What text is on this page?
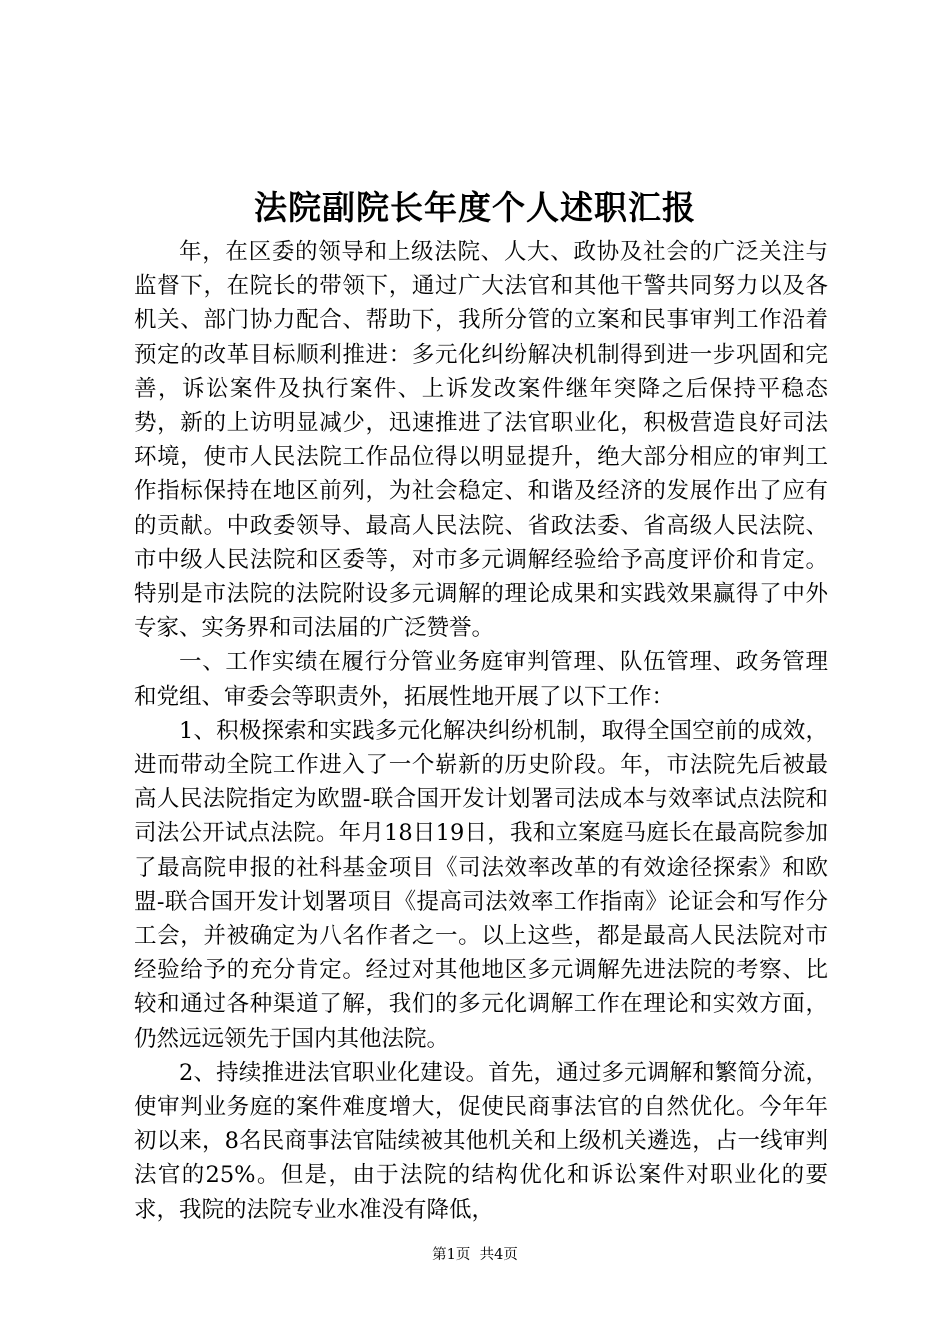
法院副院长年度个人述职汇报

年，在区委的领导和上级法院、人大、政协及社会的广泛关注与监督下，在院长的带领下，通过广大法官和其他干警共同努力以及各机关、部门协力配合、帮助下，我所分管的立案和民事审判工作沿着预定的改革目标顺利推进：多元化纠纷解决机制得到进一步巩固和完善，诉讼案件及执行案件、上诉发改案件继年突降之后保持平稳态势，新的上访明显减少，迅速推进了法官职业化，积极营造良好司法环境，使市人民法院工作品位得以明显提升，绝大部分相应的审判工作指标保持在地区前列，为社会稳定、和谐及经济的发展作出了应有的贡献。中政委领导、最高人民法院、省政法委、省高级人民法院、市中级人民法院和区委等，对市多元调解经验给予高度评价和肯定。特别是市法院的法院附设多元调解的理论成果和实践效果赢得了中外专家、实务界和司法届的广泛赞誉。

一、工作实绩在履行分管业务庭审判管理、队伍管理、政务管理和党组、审委会等职责外，拓展性地开展了以下工作：

1、积极探索和实践多元化解决纠纷机制，取得全国空前的成效，进而带动全院工作进入了一个崭新的历史阶段。年，市法院先后被最高人民法院指定为欧盟-联合国开发计划署司法成本与效率试点法院和司法公开试点法院。年月18日19日，我和立案庭马庭长在最高院参加了最高院申报的社科基金项目《司法效率改革的有效途径探索》和欧盟-联合国开发计划署项目《提高司法效率工作指南》论证会和写作分工会，并被确定为八名作者之一。以上这些，都是最高人民法院对市经验给予的充分肯定。经过对其他地区多元调解先进法院的考察、比较和通过各种渠道了解，我们的多元化调解工作在理论和实效方面，仍然远远领先于国内其他法院。

2、持续推进法官职业化建设。首先，通过多元调解和繁简分流，使审判业务庭的案件难度增大，促使民商事法官的自然优化。今年年初以来，8名民商事法官陆续被其他机关和上级机关遴选，占一线审判法官的25%。但是，由于法院的结构优化和诉讼案件对职业化的要求，我院的法院专业水准没有降低，

第1页 共4页
